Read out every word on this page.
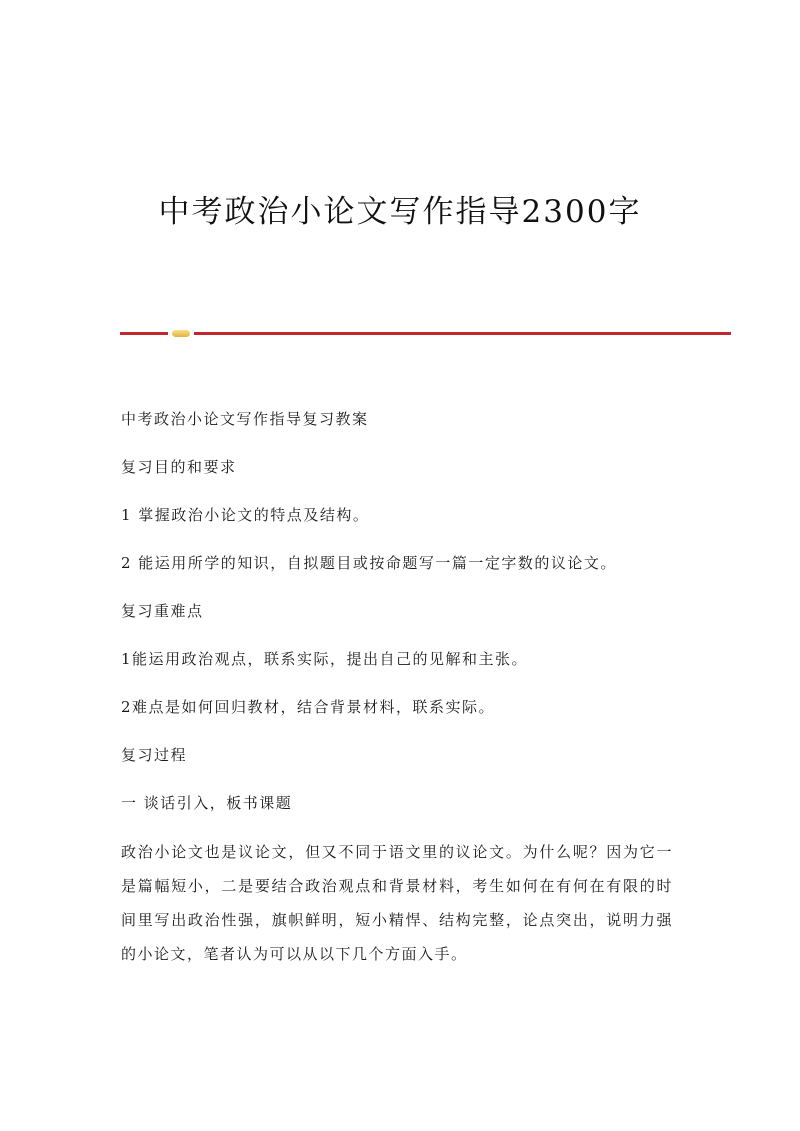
中考政治小论文写作指导2300字

中考政治小论文写作指导复习教案

复习目的和要求

1 掌握政治小论文的特点及结构。

2 能运用所学的知识，自拟题目或按命题写一篇一定字数的议论文。

复习重难点

1能运用政治观点，联系实际，提出自己的见解和主张。

2难点是如何回归教材，结合背景材料，联系实际。

复习过程

一 谈话引入，板书课题

政治小论文也是议论文，但又不同于语文里的议论文。为什么呢？因为它一是篇幅短小，二是要结合政治观点和背景材料，考生如何在有何在有限的时间里写出政治性强，旗帜鲜明，短小精悍、结构完整，论点突出，说明力强的小论文，笔者认为可以从以下几个方面入手。
